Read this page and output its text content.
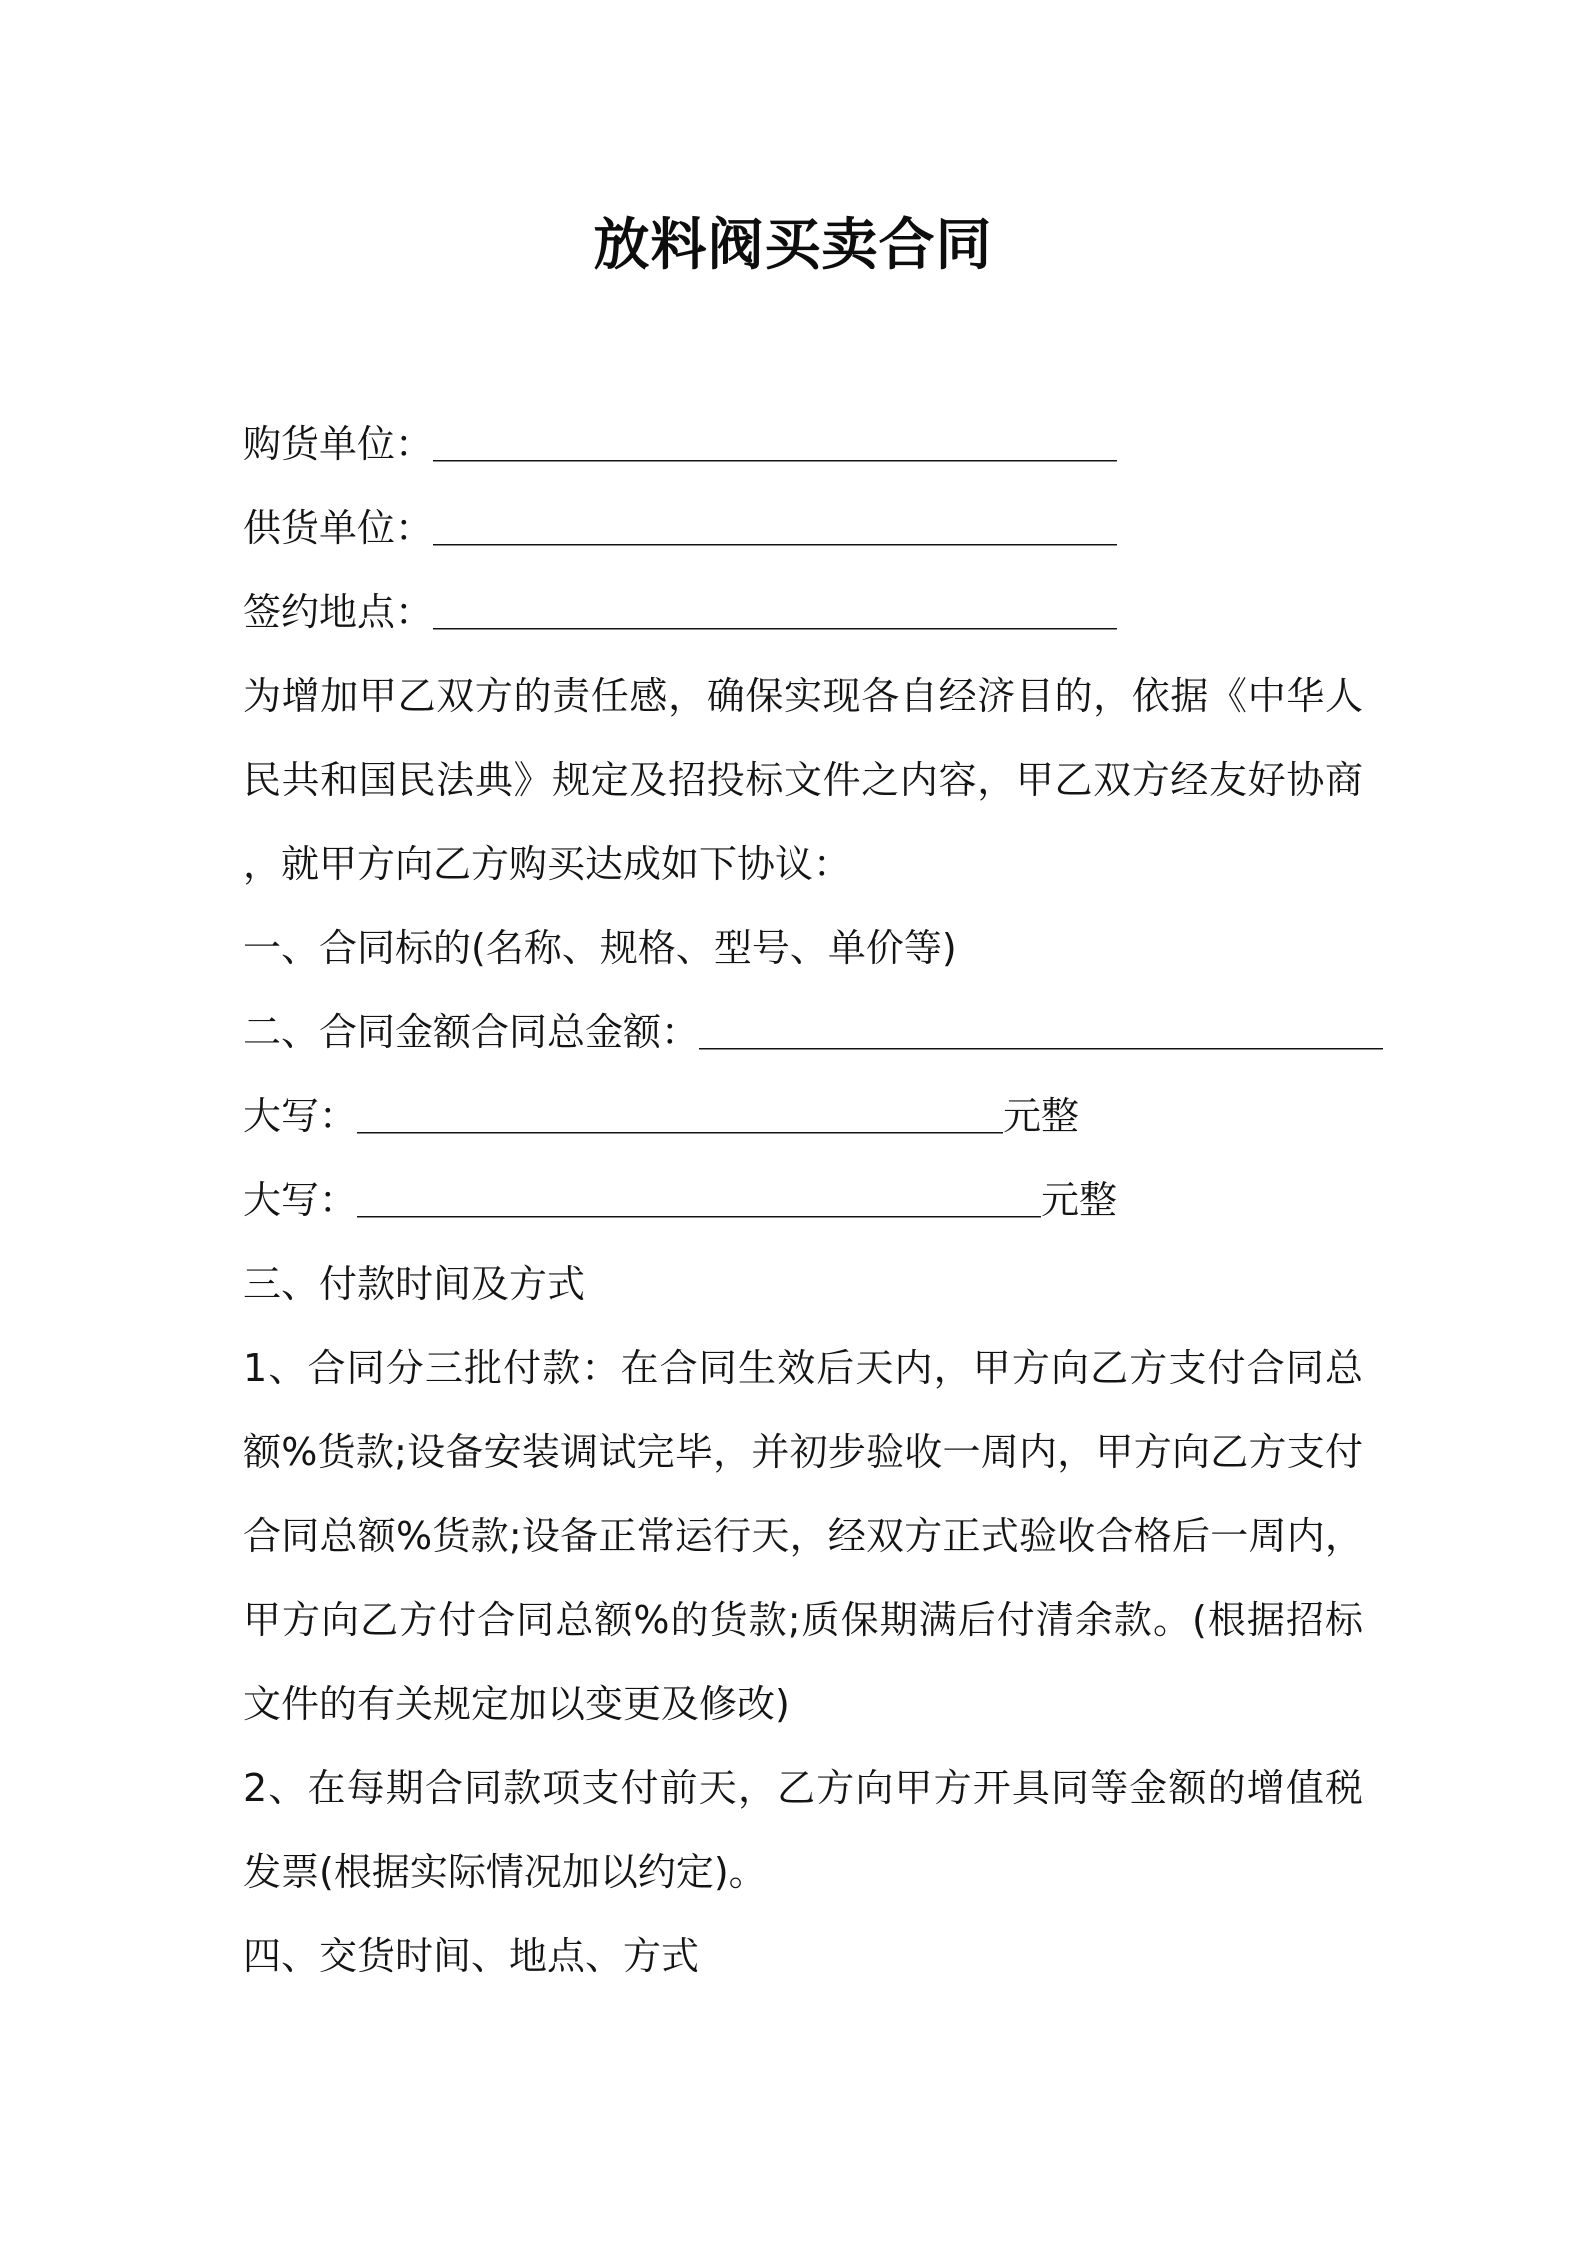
放料阀买卖合同
购货单位：＿＿＿＿＿＿＿＿＿＿＿＿＿＿＿＿＿＿
供货单位：＿＿＿＿＿＿＿＿＿＿＿＿＿＿＿＿＿＿
签约地点：＿＿＿＿＿＿＿＿＿＿＿＿＿＿＿＿＿＿
为增加甲乙双方的责任感，确保实现各自经济目的，依据《中华人民共和国民法典》规定及招投标文件之内容，甲乙双方经友好协商，就甲方向乙方购买达成如下协议：
一、合同标的(名称、规格、型号、单价等)
二、合同金额合同总金额：＿＿＿＿＿＿＿＿＿＿＿＿＿＿＿＿＿＿
大写：＿＿＿＿＿＿＿＿＿＿＿＿＿＿＿＿＿元整
大写：＿＿＿＿＿＿＿＿＿＿＿＿＿＿＿＿＿＿元整
三、付款时间及方式
1、合同分三批付款：在合同生效后天内，甲方向乙方支付合同总额%货款;设备安装调试完毕，并初步验收一周内，甲方向乙方支付合同总额%货款;设备正常运行天，经双方正式验收合格后一周内，甲方向乙方付合同总额%的货款;质保期满后付清余款。(根据招标文件的有关规定加以变更及修改)
2、在每期合同款项支付前天，乙方向甲方开具同等金额的增值税发票(根据实际情况加以约定)。
四、交货时间、地点、方式
